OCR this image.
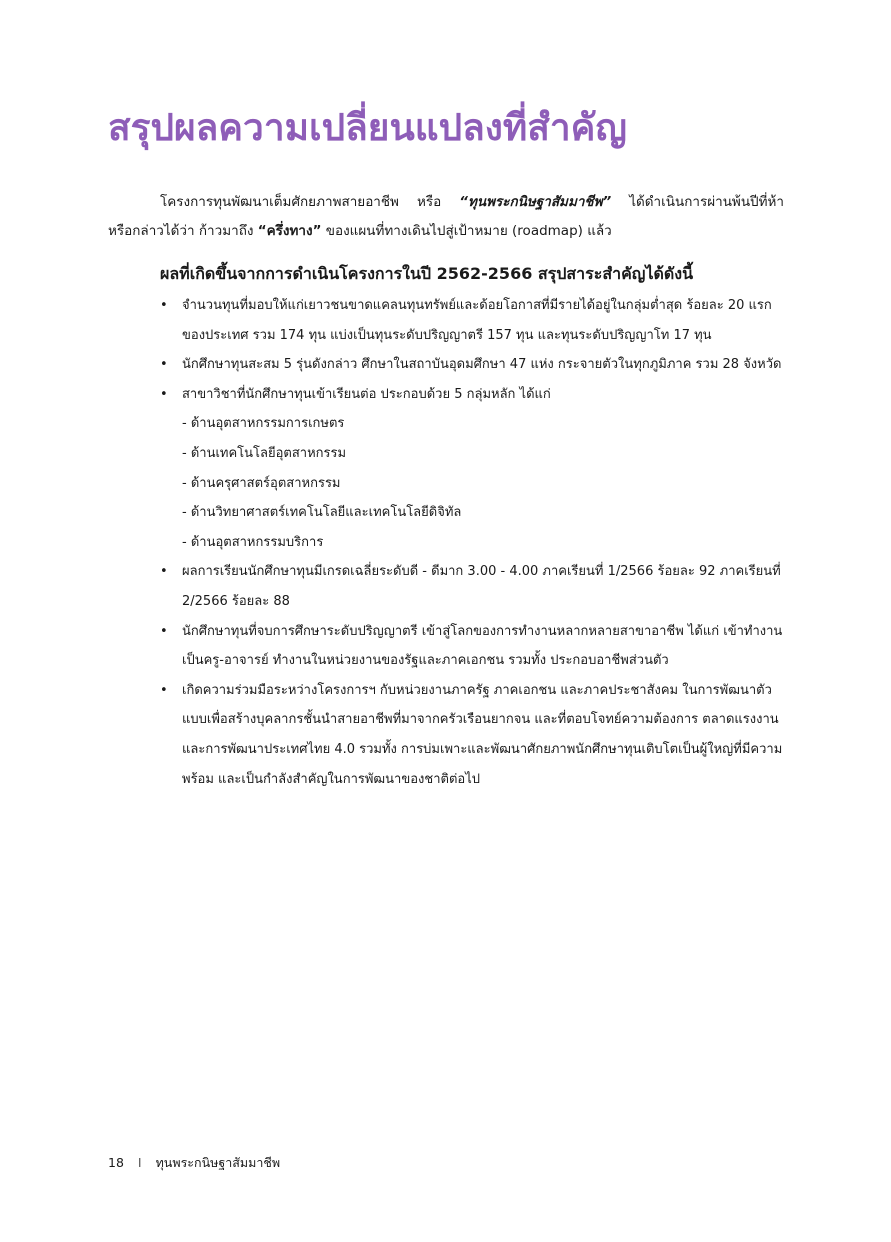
สรุปผลความเปลี่ยนแปลงที่สำคัญ

โครงการทุนพัฒนาเต็มศักยภาพสายอาชีพ หรือ “ทุนพระกนิษฐาสัมมาชีพ” ได้ดำเนินการผ่านพ้นปีที่ห้า
หรือกล่าวได้ว่า ก้าวมาถึง “ครึ่งทาง” ของแผนที่ทางเดินไปสู่เป้าหมาย (roadmap) แล้ว

ผลที่เกิดขึ้นจากการดำเนินโครงการในปี 2562-2566 สรุปสาระสำคัญได้ดังนี้
• จำนวนทุนที่มอบให้แก่เยาวชนขาดแคลนทุนทรัพย์และด้อยโอกาสที่มีรายได้อยู่ในกลุ่มต่ำสุด ร้อยละ 20 แรกของประเทศ รวม 174 ทุน แบ่งเป็นทุนระดับปริญญาตรี 157 ทุน และทุนระดับปริญญาโท 17 ทุน
• นักศึกษาทุนสะสม 5 รุ่นดังกล่าว ศึกษาในสถาบันอุดมศึกษา 47 แห่ง กระจายตัวในทุกภูมิภาค รวม 28 จังหวัด
• สาขาวิชาที่นักศึกษาทุนเข้าเรียนต่อ ประกอบด้วย 5 กลุ่มหลัก ได้แก่
- ด้านอุตสาหกรรมการเกษตร
- ด้านเทคโนโลยีอุตสาหกรรม
- ด้านครุศาสตร์อุตสาหกรรม
- ด้านวิทยาศาสตร์เทคโนโลยีและเทคโนโลยีดิจิทัล
- ด้านอุตสาหกรรมบริการ
• ผลการเรียนนักศึกษาทุนมีเกรดเฉลี่ยระดับดี - ดีมาก 3.00 - 4.00 ภาคเรียนที่ 1/2566 ร้อยละ 92 ภาคเรียนที่ 2/2566 ร้อยละ 88
• นักศึกษาทุนที่จบการศึกษาระดับปริญญาตรี เข้าสู่โลกของการทำงานหลากหลายสาขาอาชีพ ได้แก่ เข้าทำงานเป็นครู-อาจารย์ ทำงานในหน่วยงานของรัฐและภาคเอกชน รวมทั้ง ประกอบอาชีพส่วนตัว
• เกิดความร่วมมือระหว่างโครงการฯ กับหน่วยงานภาครัฐ ภาคเอกชน และภาคประชาสังคม ในการพัฒนาตัวแบบเพื่อสร้างบุคลากรชั้นนำสายอาชีพที่มาจากครัวเรือนยากจน และที่ตอบโจทย์ความต้องการ ตลาดแรงงานและการพัฒนาประเทศไทย 4.0 รวมทั้ง การบ่มเพาะและพัฒนาศักยภาพนักศึกษาทุนเติบโตเป็นผู้ใหญ่ที่มีความพร้อม และเป็นกำลังสำคัญในการพัฒนาของชาติต่อไป
18 I ทุนพระกนิษฐาสัมมาชีพ
